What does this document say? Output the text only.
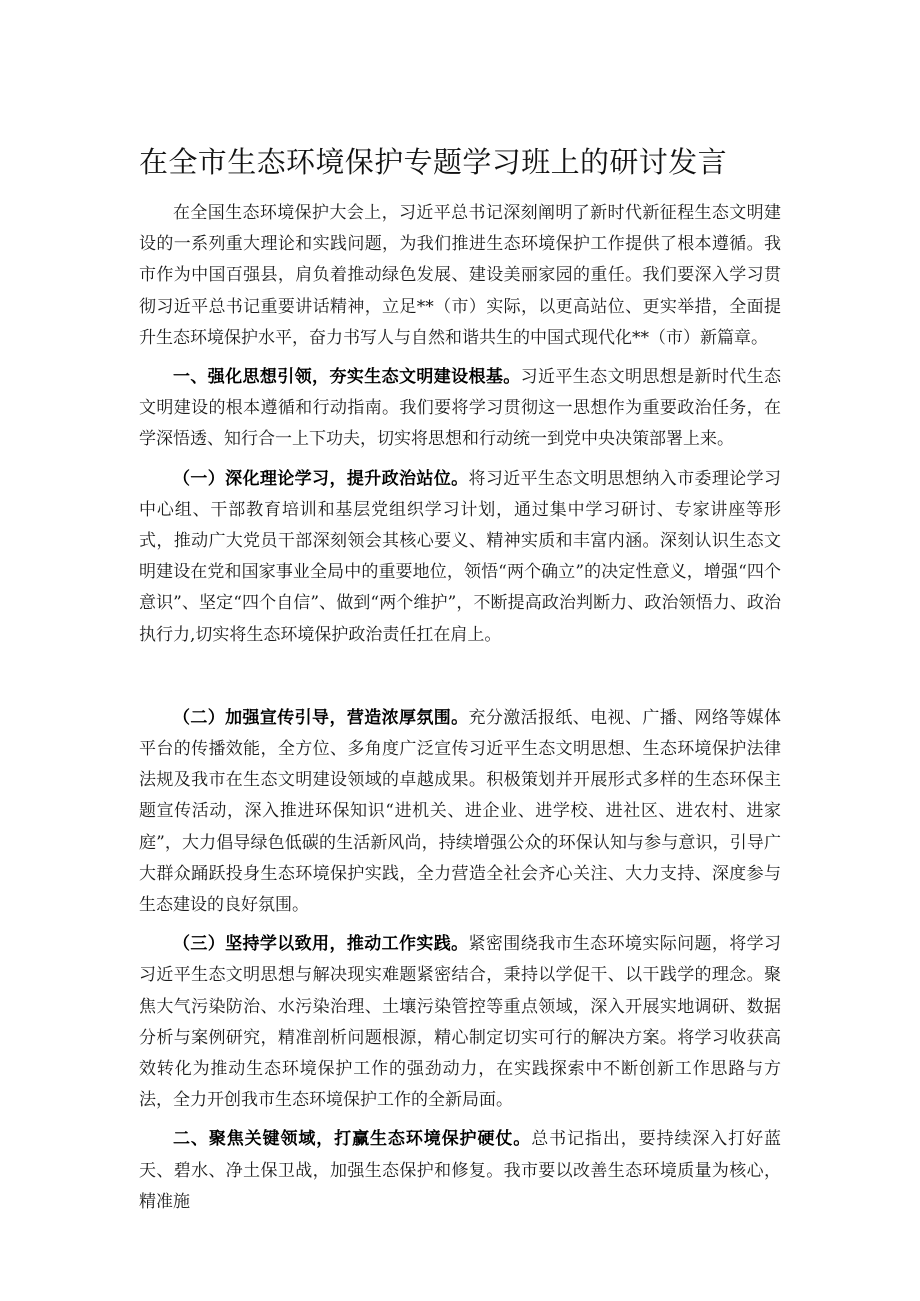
在全市生态环境保护专题学习班上的研讨发言

在全国生态环境保护大会上，习近平总书记深刻阐明了新时代新征程生态文明建设的一系列重大理论和实践问题，为我们推进生态环境保护工作提供了根本遵循。我市作为中国百强县，肩负着推动绿色发展、建设美丽家园的重任。我们要深入学习贯彻习近平总书记重要讲话精神，立足**（市）实际，以更高站位、更实举措，全面提升生态环境保护水平，奋力书写人与自然和谐共生的中国式现代化**（市）新篇章。

一、强化思想引领，夯实生态文明建设根基。习近平生态文明思想是新时代生态文明建设的根本遵循和行动指南。我们要将学习贯彻这一思想作为重要政治任务，在学深悟透、知行合一上下功夫，切实将思想和行动统一到党中央决策部署上来。

（一）深化理论学习，提升政治站位。将习近平生态文明思想纳入市委理论学习中心组、干部教育培训和基层党组织学习计划，通过集中学习研讨、专家讲座等形式，推动广大党员干部深刻领会其核心要义、精神实质和丰富内涵。深刻认识生态文明建设在党和国家事业全局中的重要地位，领悟“两个确立”的决定性意义，增强“四个意识”、坚定“四个自信”、做到“两个维护”，不断提高政治判断力、政治领悟力、政治执行力,切实将生态环境保护政治责任扛在肩上。

（二）加强宣传引导，营造浓厚氛围。充分激活报纸、电视、广播、网络等媒体平台的传播效能，全方位、多角度广泛宣传习近平生态文明思想、生态环境保护法律法规及我市在生态文明建设领域的卓越成果。积极策划并开展形式多样的生态环保主题宣传活动，深入推进环保知识“进机关、进企业、进学校、进社区、进农村、进家庭”，大力倡导绿色低碳的生活新风尚，持续增强公众的环保认知与参与意识，引导广大群众踊跃投身生态环境保护实践，全力营造全社会齐心关注、大力支持、深度参与生态建设的良好氛围。

（三）坚持学以致用，推动工作实践。紧密围绕我市生态环境实际问题，将学习习近平生态文明思想与解决现实难题紧密结合，秉持以学促干、以干践学的理念。聚焦大气污染防治、水污染治理、土壤污染管控等重点领域，深入开展实地调研、数据分析与案例研究，精准剖析问题根源，精心制定切实可行的解决方案。将学习收获高效转化为推动生态环境保护工作的强劲动力，在实践探索中不断创新工作思路与方法，全力开创我市生态环境保护工作的全新局面。

二、聚焦关键领域，打赢生态环境保护硬仗。总书记指出，要持续深入打好蓝天、碧水、净土保卫战，加强生态保护和修复。我市要以改善生态环境质量为核心，精准施
